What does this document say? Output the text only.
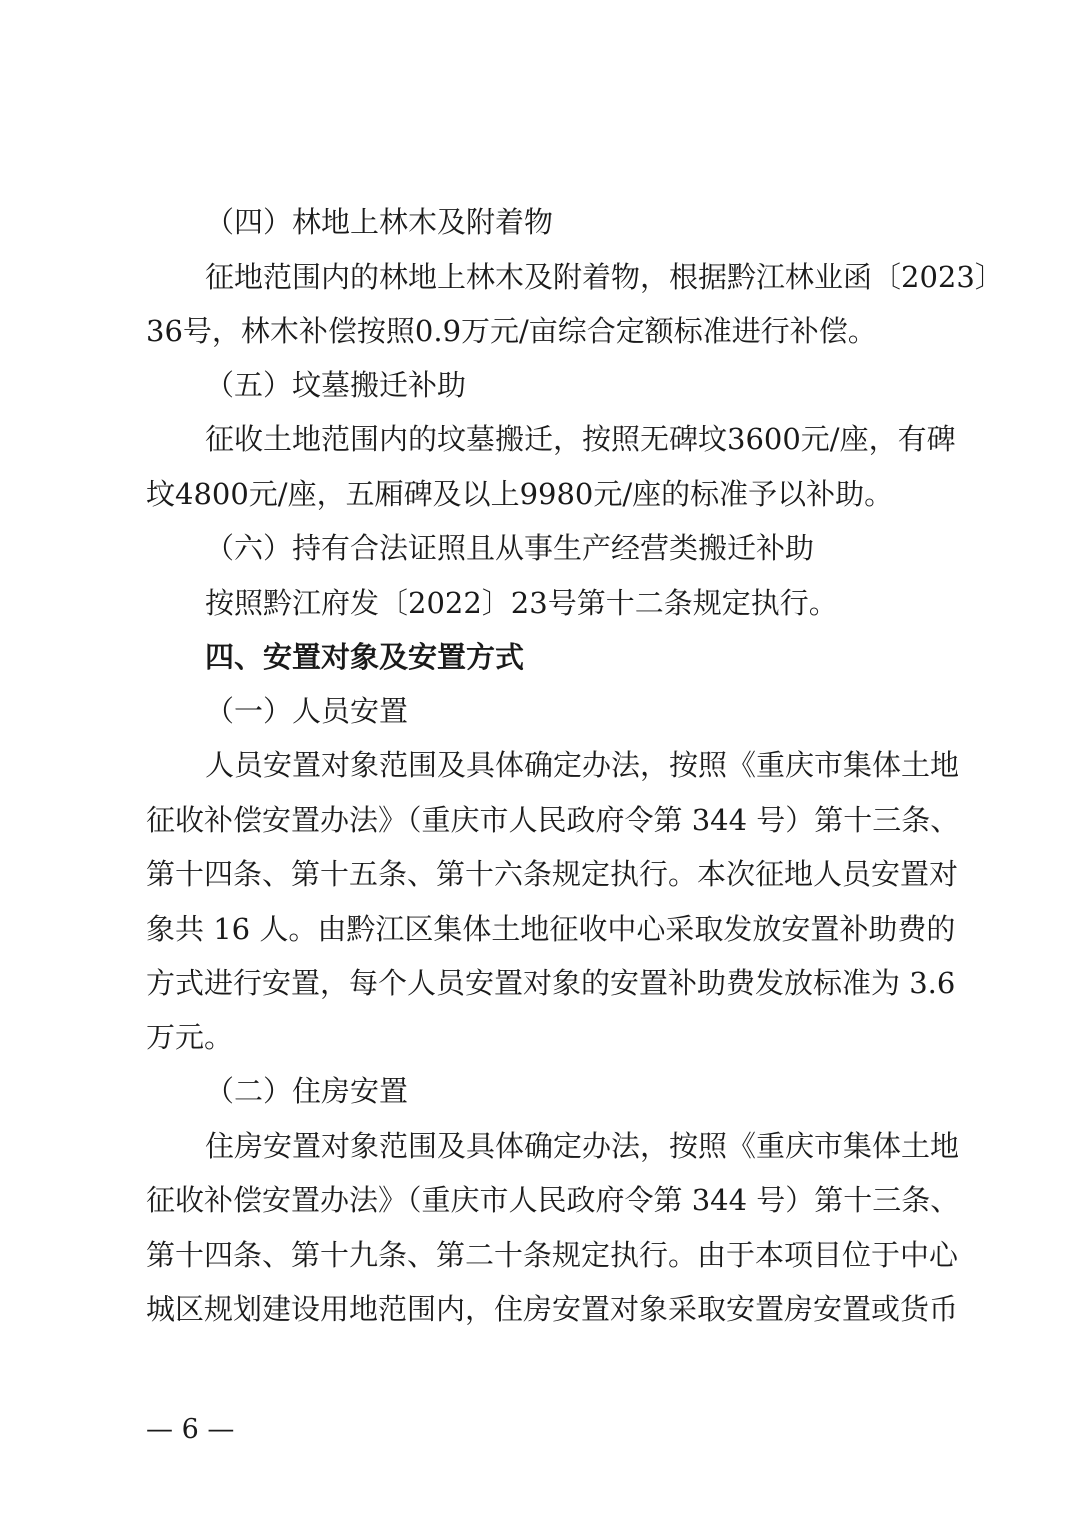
（四）林地上林木及附着物
征地范围内的林地上林木及附着物，根据黔江林业函〔2023〕
36号，林木补偿按照0.9万元/亩综合定额标准进行补偿。
（五）坟墓搬迁补助
征收土地范围内的坟墓搬迁，按照无碑坟3600元/座，有碑
坟4800元/座，五厢碑及以上9980元/座的标准予以补助。
（六）持有合法证照且从事生产经营类搬迁补助
按照黔江府发〔2022〕23号第十二条规定执行。
四、安置对象及安置方式
（一）人员安置
人员安置对象范围及具体确定办法，按照《重庆市集体土地
征收补偿安置办法》（重庆市人民政府令第 344 号）第十三条、
第十四条、第十五条、第十六条规定执行。本次征地人员安置对
象共 16 人。由黔江区集体土地征收中心采取发放安置补助费的
方式进行安置，每个人员安置对象的安置补助费发放标准为 3.6
万元。
（二）住房安置
住房安置对象范围及具体确定办法，按照《重庆市集体土地
征收补偿安置办法》（重庆市人民政府令第 344 号）第十三条、
第十四条、第十九条、第二十条规定执行。由于本项目位于中心
城区规划建设用地范围内，住房安置对象采取安置房安置或货币
— 6 —
